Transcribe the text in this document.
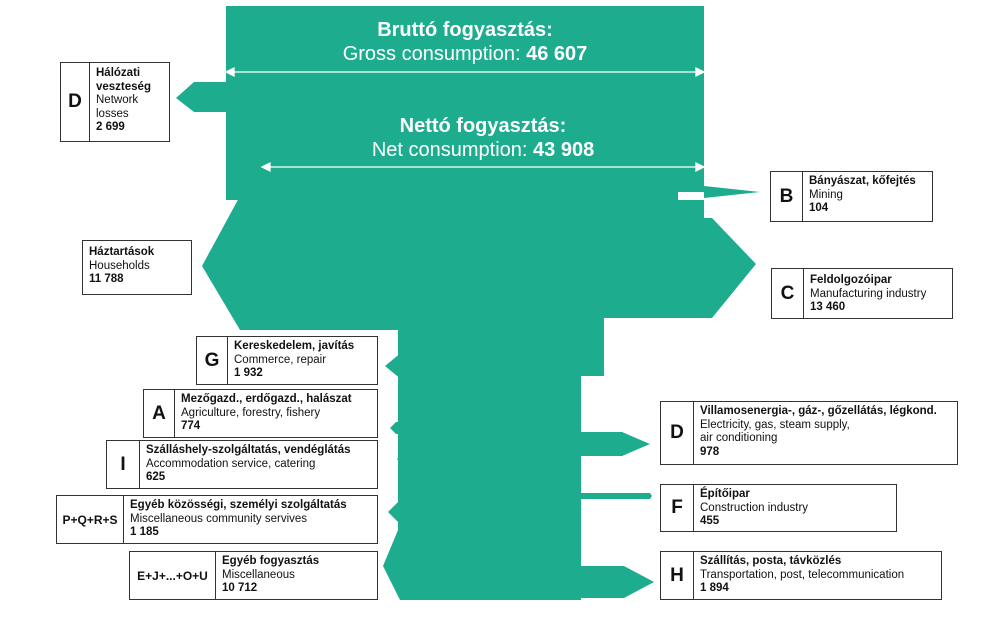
Bruttó fogyasztás:
Gross consumption: 46 607
Nettó fogyasztás:
Net consumption: 43 908
D
Hálózati
veszteség
Network
losses
2 699
B
Bányászat, kőfejtés
Mining
104
Háztartások
Households
11 788
C
Feldolgozóipar
Manufacturing industry
13 460
G
Kereskedelem, javítás
Commerce, repair
1 932
A
Mezőgazd., erdőgazd., halászat
Agriculture, forestry, fishery
774	D
Villamosenergia-, gáz-, gőzellátás, légkond.
Electricity, gas, steam supply,
air conditioning
978
I
Szálláshely-szolgáltatás, vendéglátás
Accommodation service, catering
625
F
Építőipar
Construction industry
455
P+Q+R+S
Egyéb közösségi, személyi szolgáltatás
Miscellaneous community servives
1 185
E+J+...+O+U
Egyéb fogyasztás
Miscellaneous
10 712
H
Szállítás, posta, távközlés
Transportation, post, telecommunication
1 894
